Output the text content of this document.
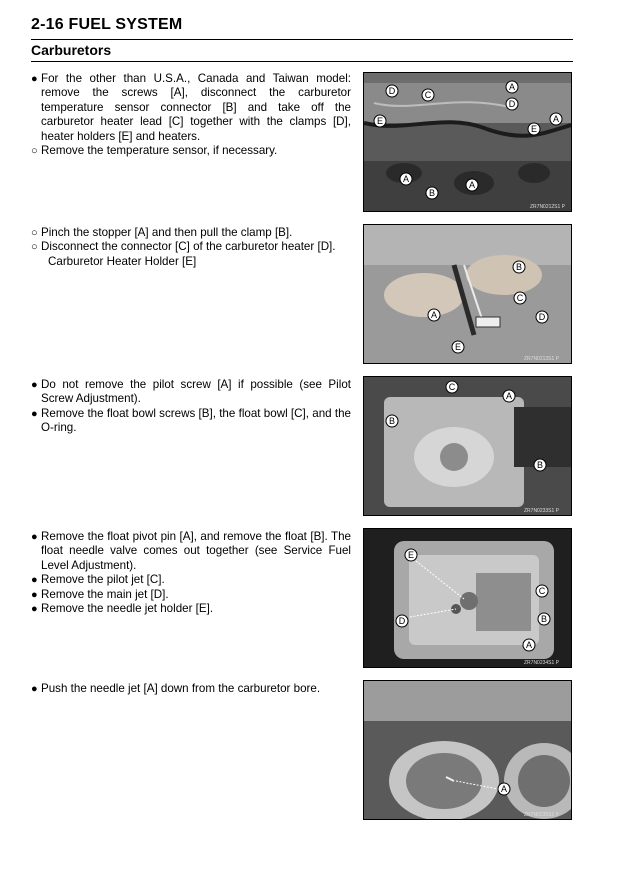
2-16 FUEL SYSTEM
Carburetors
● For the other than U.S.A., Canada and Taiwan model: remove the screws [A], disconnect the carburetor temperature sensor connector [B] and take off the carburetor heater lead [C] together with the clamps [D], heater holders [E] and heaters.
○ Remove the temperature sensor, if necessary.
A
D
D	C
E
E
A
A
B
A
ZR7N0212S1 P
○ Pinch the stopper [A] and then pull the clamp [B].
○ Disconnect the connector [C] of the carburetor heater [D].
Carburetor Heater Holder [E]	B
C
D
A
E
ZR7N0213S1 P
● Do not remove the pilot screw [A] if possible (see Pilot Screw Adjustment).
● Remove the float bowl screws [B], the float bowl [C], and the O-ring.
C
A
B
B
ZR7N0233S1 P
● Remove the float pivot pin [A], and remove the float [B]. The float needle valve comes out together (see Service Fuel Level Adjustment).
● Remove the pilot jet [C].
● Remove the main jet [D].
● Remove the needle jet holder [E].
E
C
B
D
A
ZR7N0234S1 P
● Push the needle jet [A] down from the carburetor bore.
A
ZR7N0235S1 P
